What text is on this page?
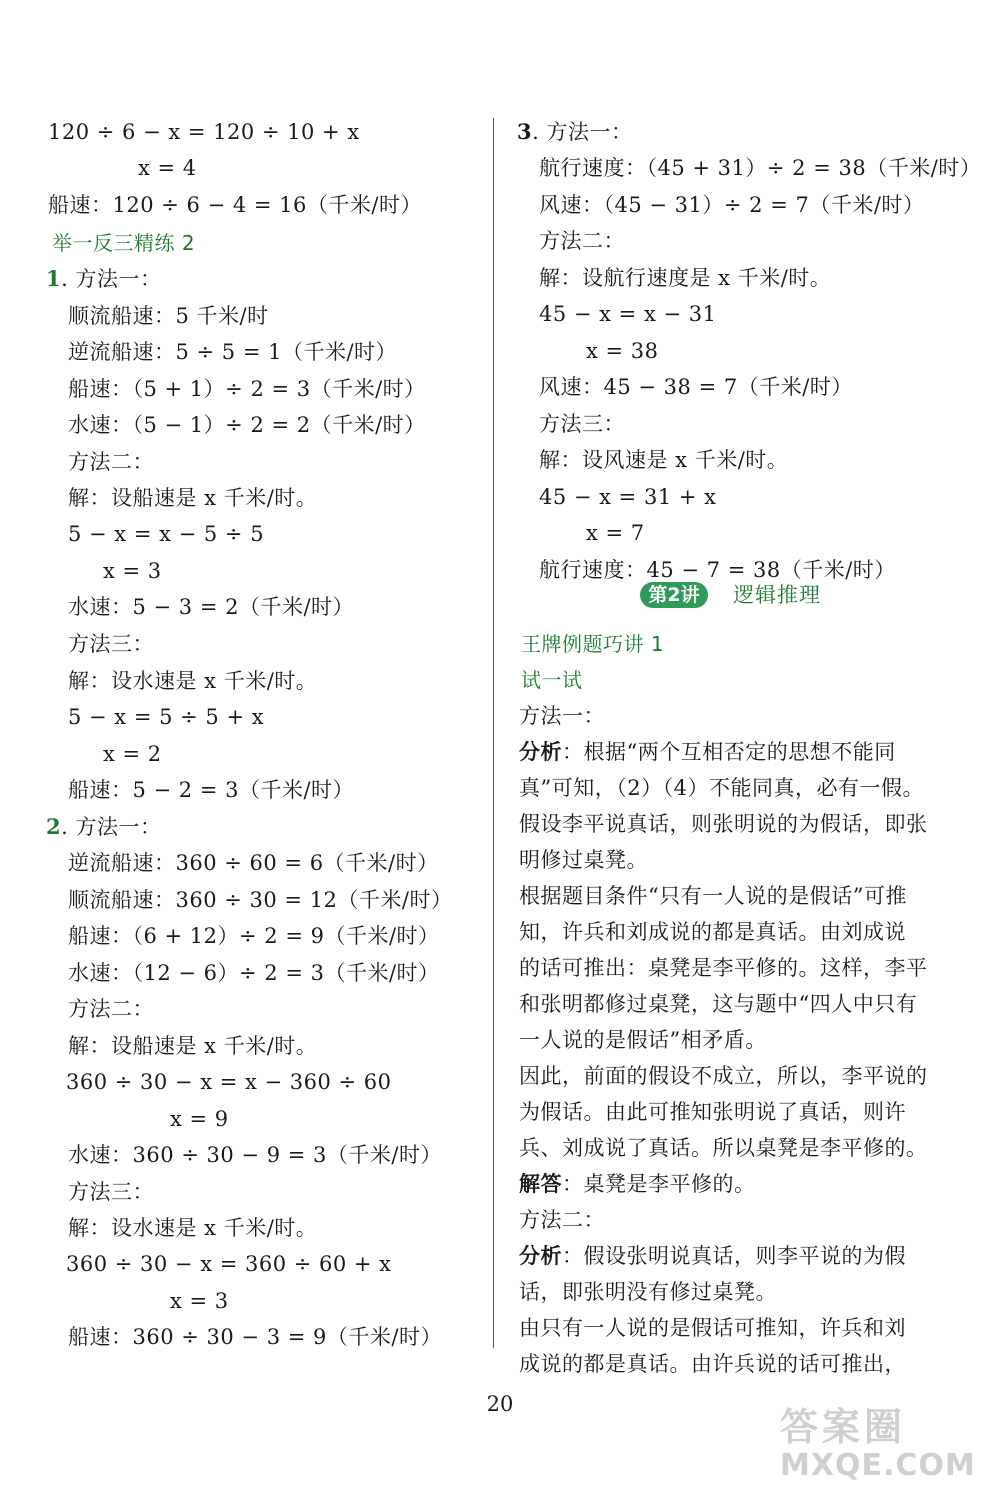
120 ÷ 6 − x = 120 ÷ 10 + x
x = 4
船速：120 ÷ 6 − 4 = 16（千米/时）
举一反三精练 2
1. 方法一：
顺流船速：5 千米/时
逆流船速：5 ÷ 5 = 1（千米/时）
船速：（5 + 1）÷ 2 = 3（千米/时）
水速：（5 − 1）÷ 2 = 2（千米/时）
方法二：
解：设船速是 x 千米/时。
5 − x = x − 5 ÷ 5
x = 3
水速：5 − 3 = 2（千米/时）
方法三：
解：设水速是 x 千米/时。
5 − x = 5 ÷ 5 + x
x = 2
船速：5 − 2 = 3（千米/时）
2. 方法一：
逆流船速：360 ÷ 60 = 6（千米/时）
顺流船速：360 ÷ 30 = 12（千米/时）
船速：（6 + 12）÷ 2 = 9（千米/时）
水速：（12 − 6）÷ 2 = 3（千米/时）
方法二：
解：设船速是 x 千米/时。
360 ÷ 30 − x = x − 360 ÷ 60
x = 9
水速：360 ÷ 30 − 9 = 3（千米/时）
方法三：
解：设水速是 x 千米/时。
360 ÷ 30 − x = 360 ÷ 60 + x
x = 3
船速：360 ÷ 30 − 3 = 9（千米/时）
3. 方法一：
航行速度：（45 + 31）÷ 2 = 38（千米/时）
风速：（45 − 31）÷ 2 = 7（千米/时）
方法二：
解：设航行速度是 x 千米/时。
45 − x = x − 31
x = 38
风速：45 − 38 = 7（千米/时）
方法三：
解：设风速是 x 千米/时。
45 − x = 31 + x
x = 7
航行速度：45 − 7 = 38（千米/时）
王牌例题巧讲 1
试一试
方法一：
分析：根据“两个互相否定的思想不能同
真”可知，（2）（4）不能同真，必有一假。
假设李平说真话，则张明说的为假话，即张
明修过桌凳。
根据题目条件“只有一人说的是假话”可推
知，许兵和刘成说的都是真话。由刘成说
的话可推出：桌凳是李平修的。这样，李平
和张明都修过桌凳，这与题中“四人中只有
一人说的是假话”相矛盾。
因此，前面的假设不成立，所以，李平说的
为假话。由此可推知张明说了真话，则许
兵、刘成说了真话。所以桌凳是李平修的。
解答：桌凳是李平修的。
方法二：
分析：假设张明说真话，则李平说的为假
话，即张明没有修过桌凳。
由只有一人说的是假话可推知，许兵和刘
成说的都是真话。由许兵说的话可推出，
第2讲	逻辑推理
20
答案圈
MXQE.COM
